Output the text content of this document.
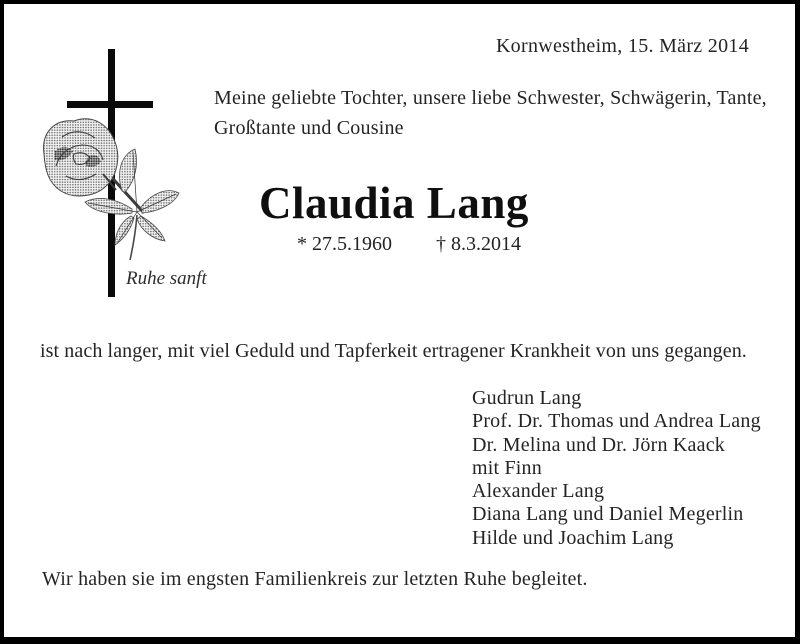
Kornwestheim, 15. März 2014
Meine geliebte Tochter, unsere liebe Schwester, Schwägerin, Tante,
Großtante und Cousine
Claudia Lang
* 27.5.1960 † 8.3.2014
Ruhe sanft
ist nach langer, mit viel Geduld und Tapferkeit ertragener Krankheit von uns gegangen.
Gudrun Lang
Prof. Dr. Thomas und Andrea Lang
Dr. Melina und Dr. Jörn Kaack
mit Finn
Alexander Lang
Diana Lang und Daniel Megerlin
Hilde und Joachim Lang
Wir haben sie im engsten Familienkreis zur letzten Ruhe begleitet.
